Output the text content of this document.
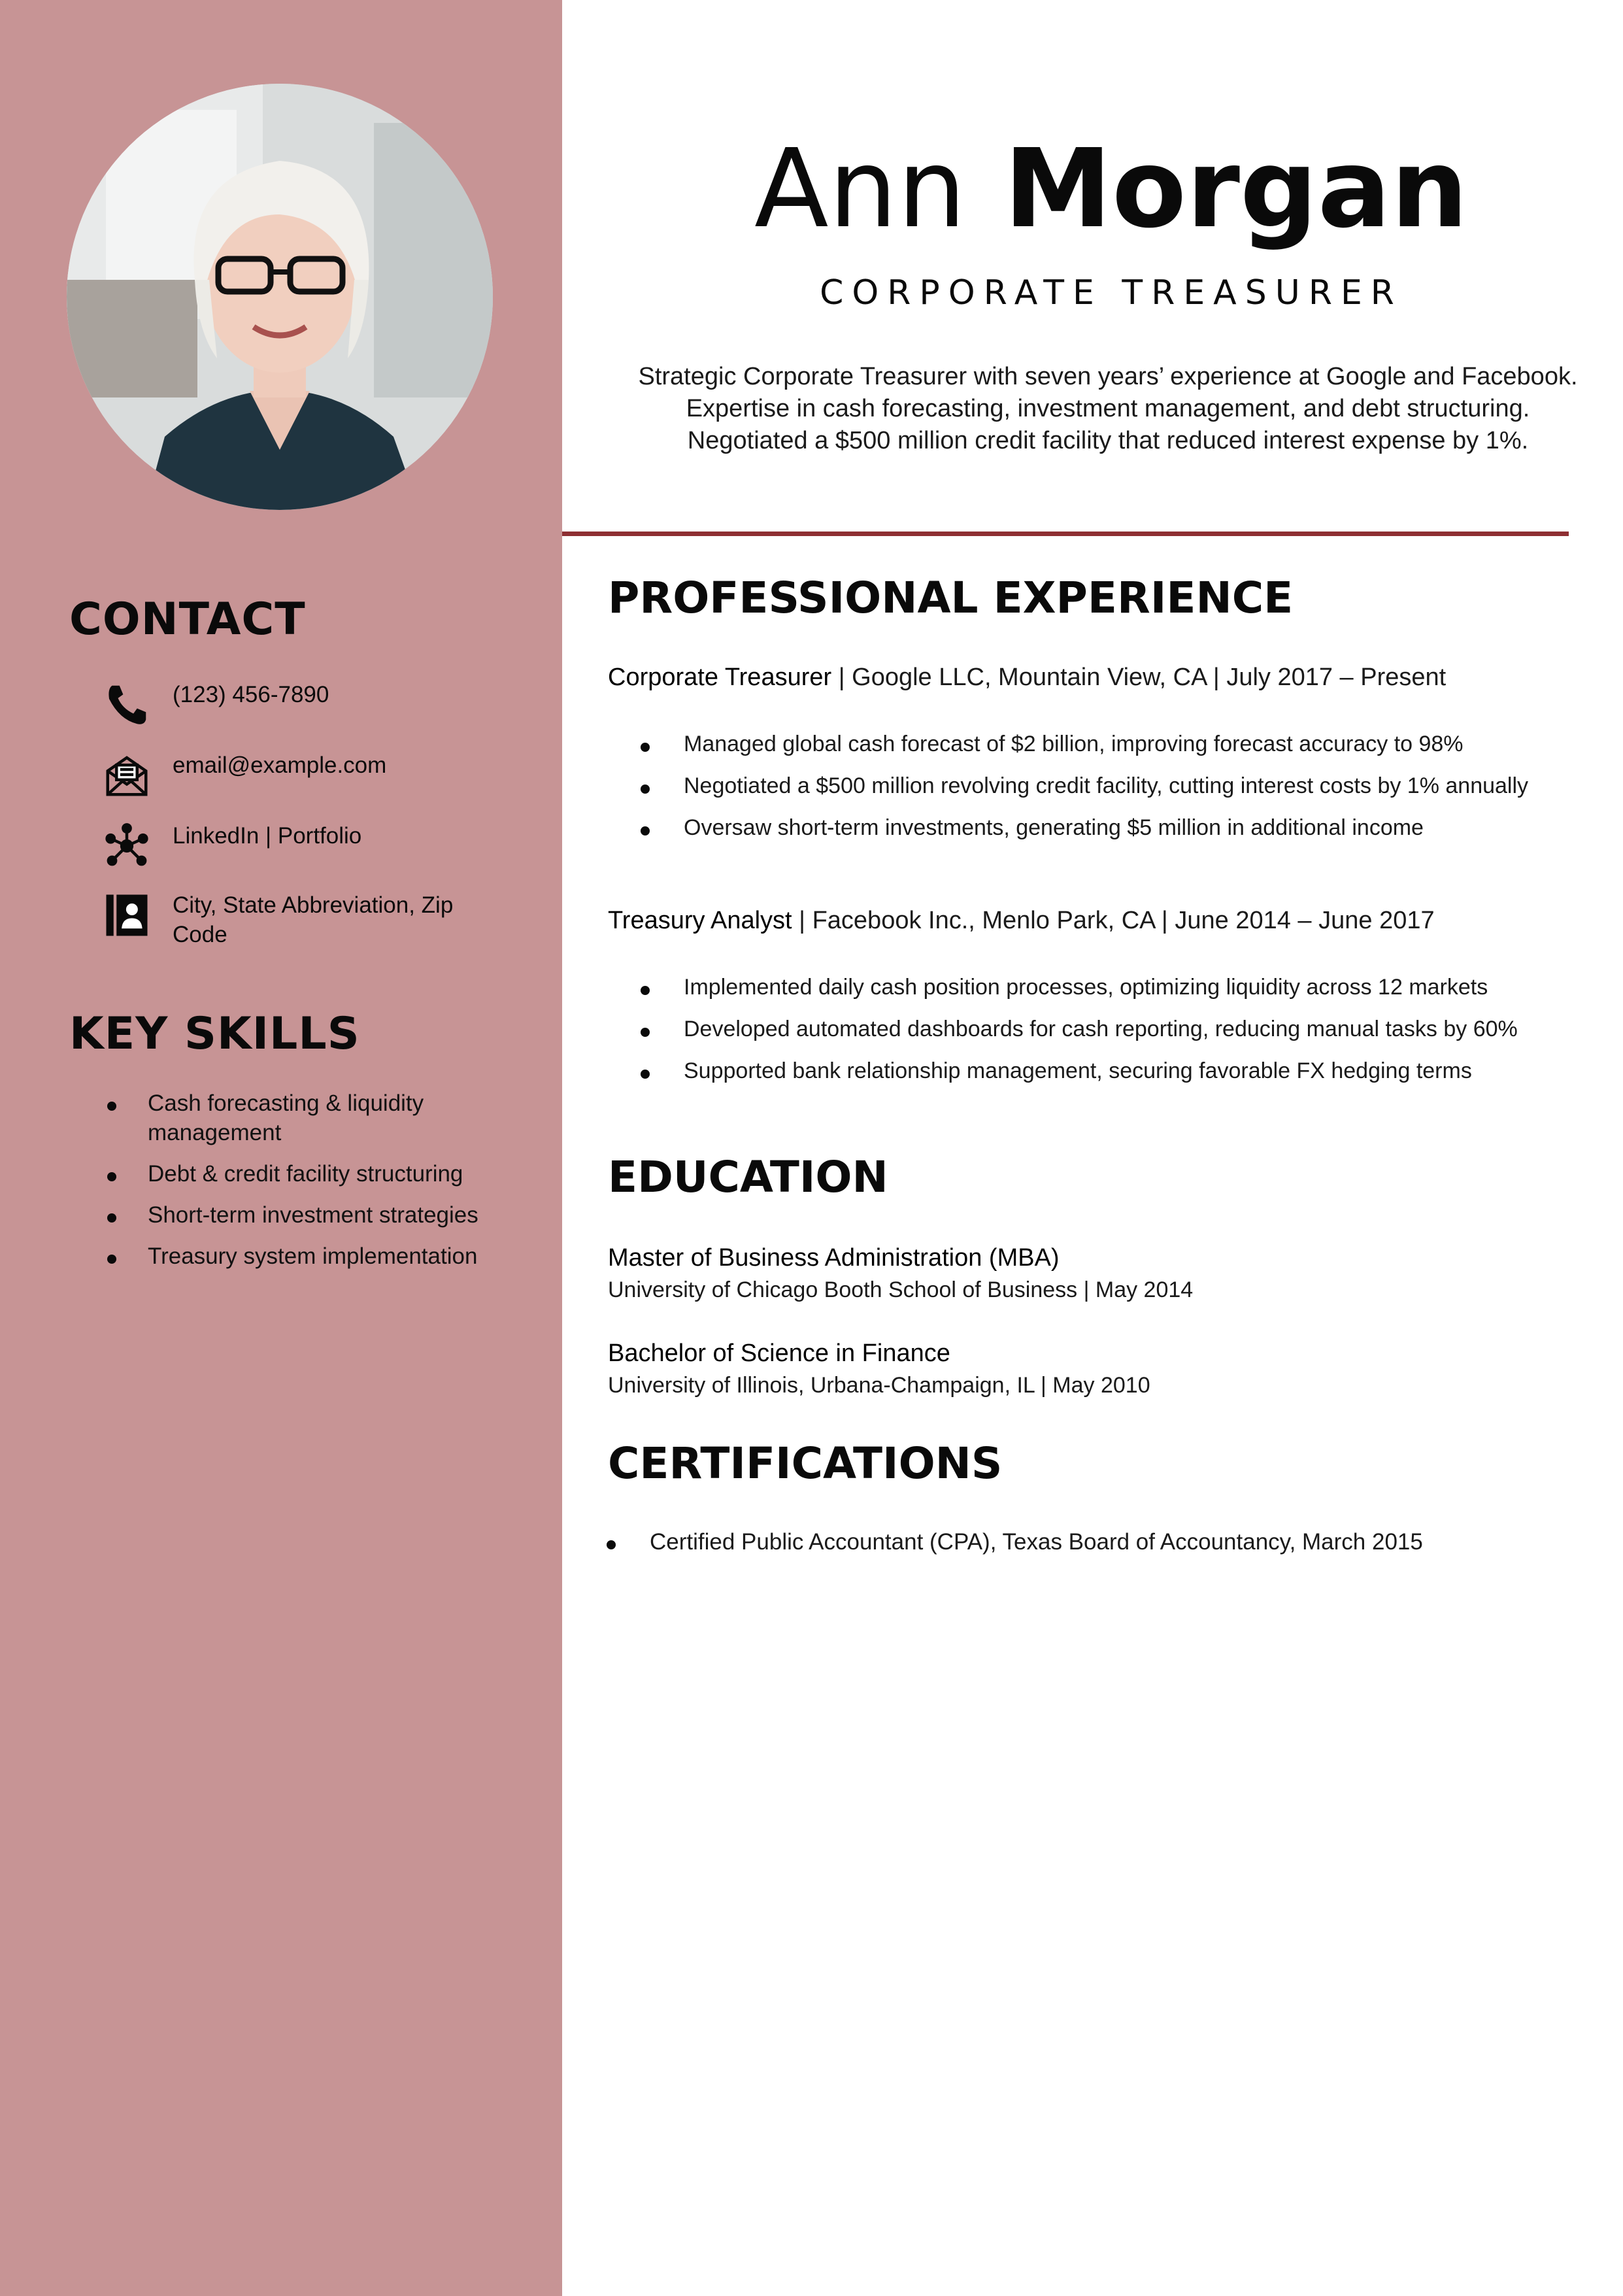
CONTACT
(123) 456-7890
email@example.com
LinkedIn | Portfolio
City, State Abbreviation, Zip Code
KEY SKILLS
Cash forecasting & liquidity management
Debt & credit facility structuring
Short-term investment strategies
Treasury system implementation
Ann Morgan
CORPORATE TREASURER

Strategic Corporate Treasurer with seven years’ experience at Google and Facebook. Expertise in cash forecasting, investment management, and debt structuring. Negotiated a $500 million credit facility that reduced interest expense by 1%.

PROFESSIONAL EXPERIENCE

Corporate Treasurer | Google LLC, Mountain View, CA | July 2017 – Present

Managed global cash forecast of $2 billion, improving forecast accuracy to 98%
Negotiated a $500 million revolving credit facility, cutting interest costs by 1% annually
Oversaw short-term investments, generating $5 million in additional income

Treasury Analyst | Facebook Inc., Menlo Park, CA | June 2014 – June 2017

Implemented daily cash position processes, optimizing liquidity across 12 markets
Developed automated dashboards for cash reporting, reducing manual tasks by 60%
Supported bank relationship management, securing favorable FX hedging terms
EDUCATION

Master of Business Administration (MBA)

University of Chicago Booth School of Business | May 2014

Bachelor of Science in Finance

University of Illinois, Urbana-Champaign, IL | May 2010

CERTIFICATIONS
Certified Public Accountant (CPA), Texas Board of Accountancy, March 2015
